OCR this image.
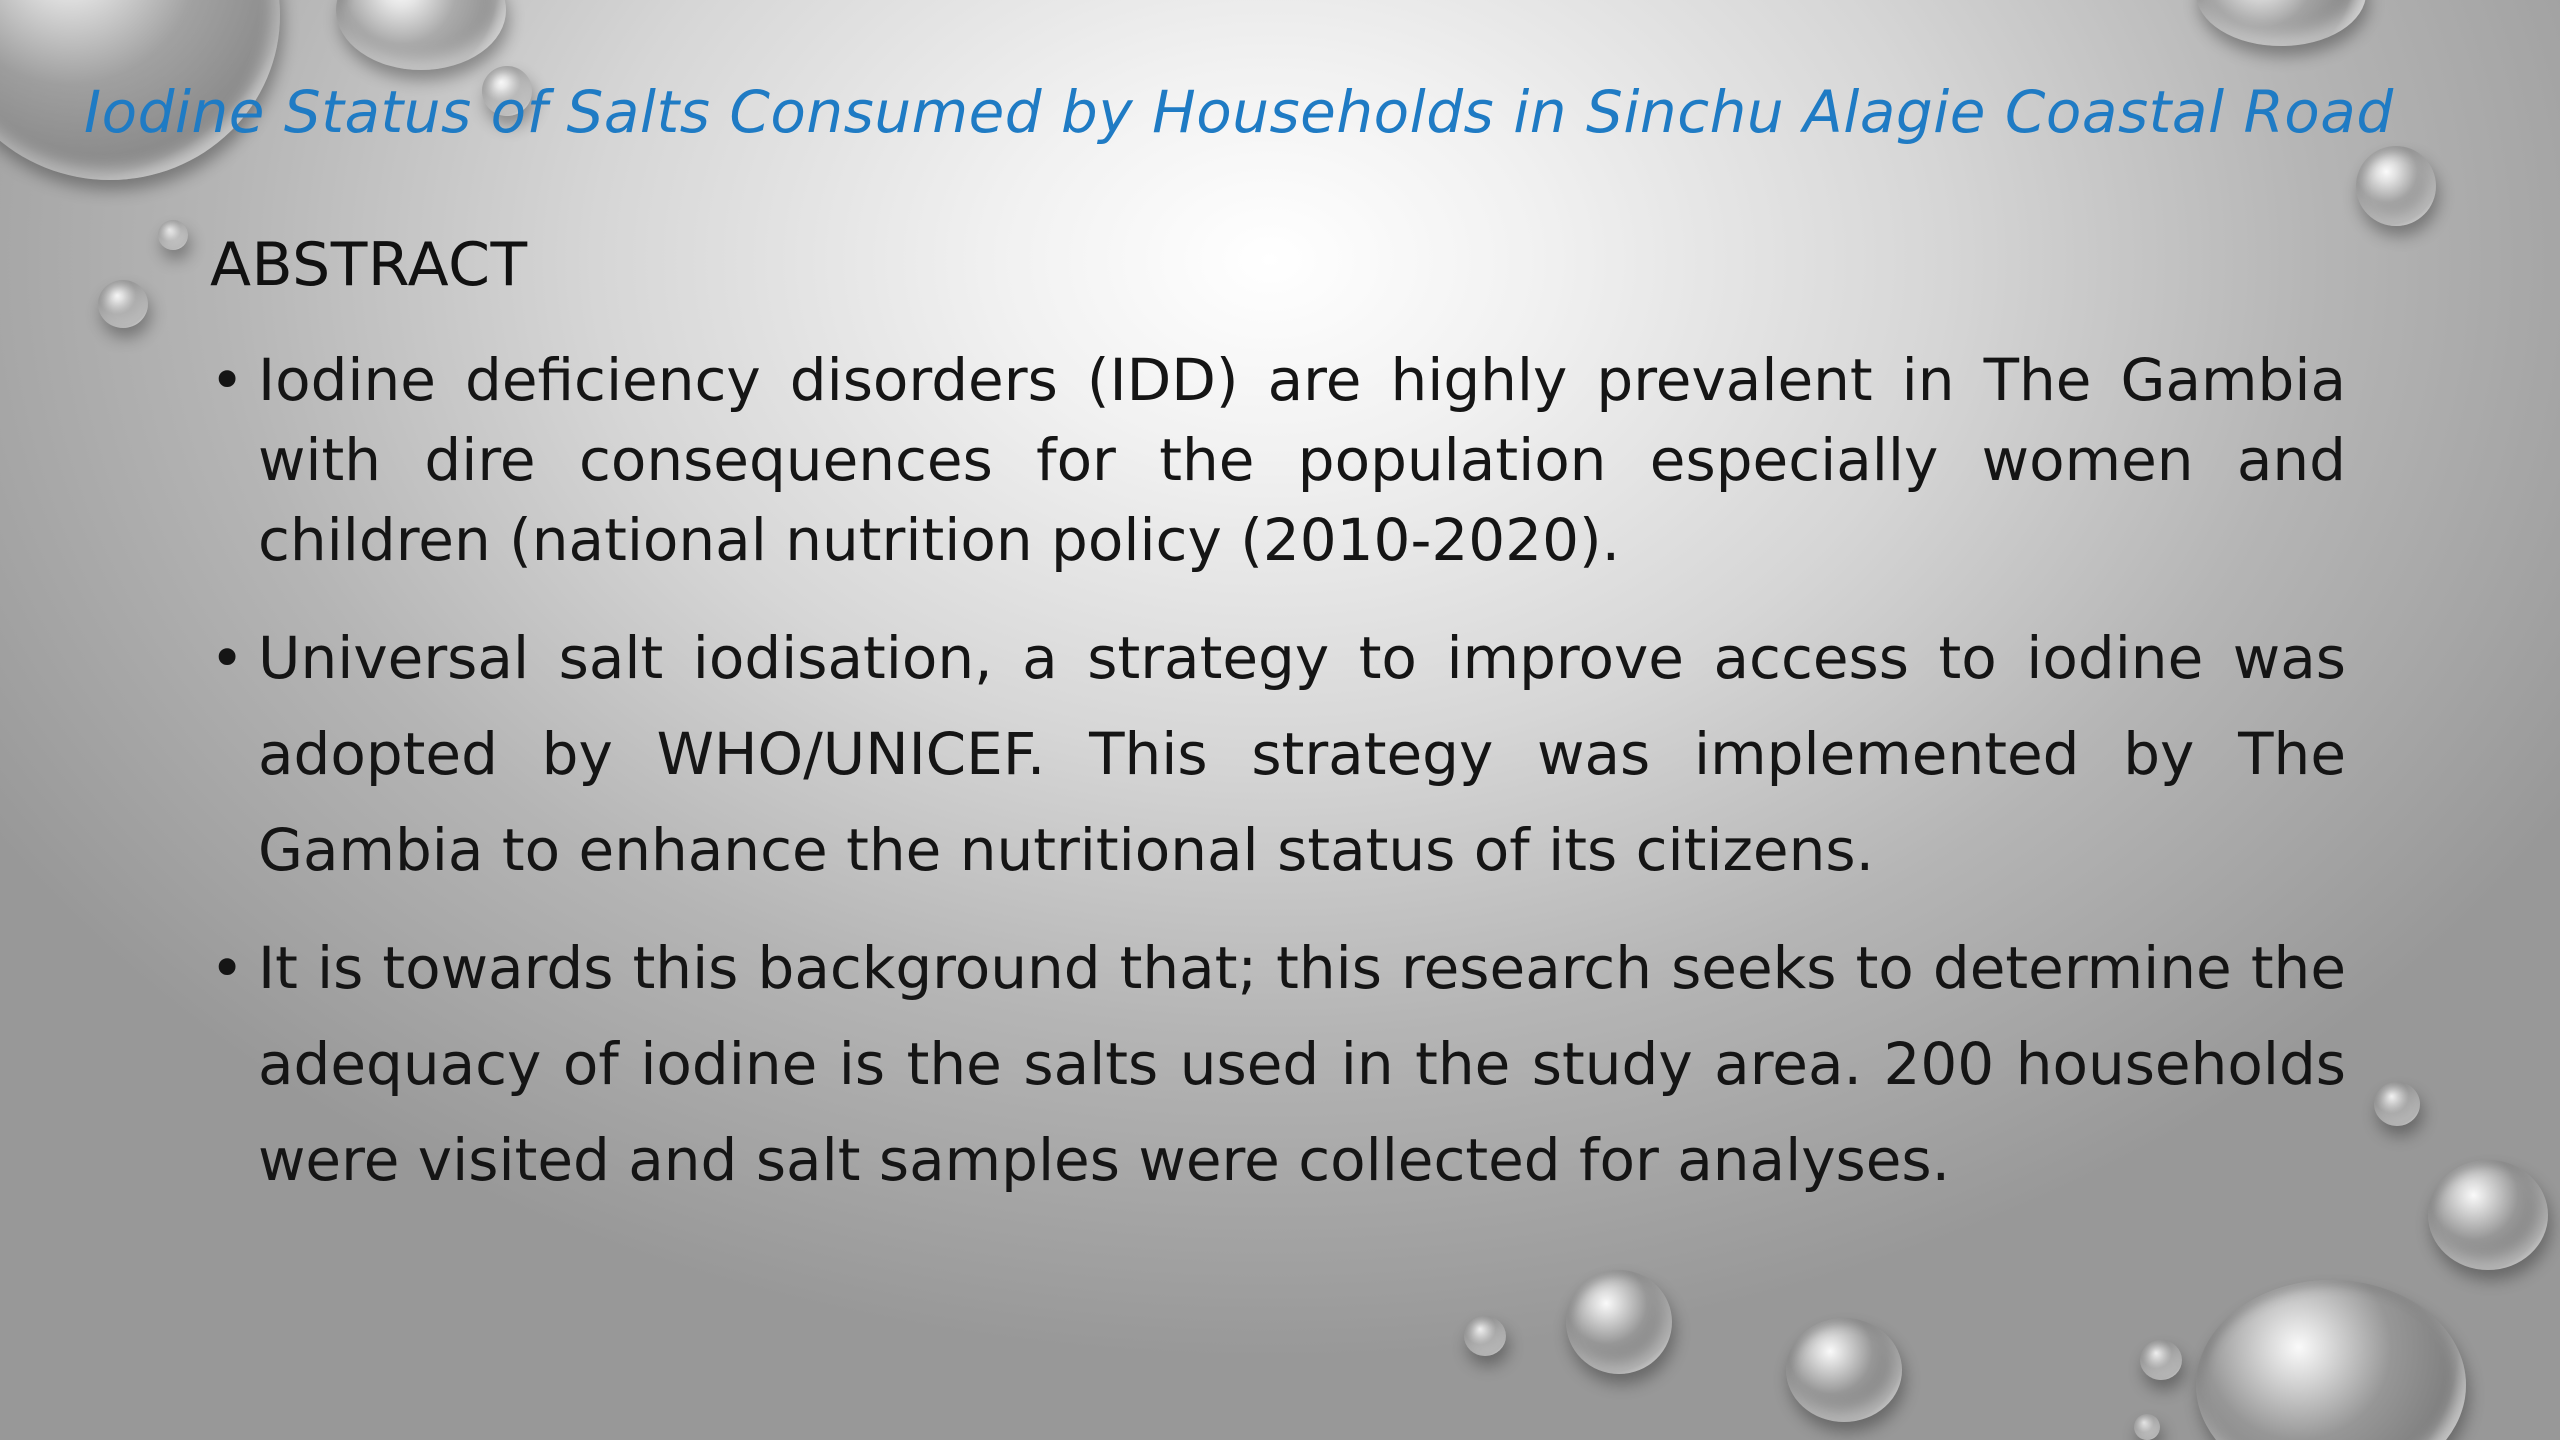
Iodine Status of Salts Consumed by Households in Sinchu Alagie Coastal Road
ABSTRACT
• Iodine deficiency disorders (IDD) are highly prevalent in The Gambia with dire consequences for the population especially women and children (national nutrition policy (2010-2020).
• Universal salt iodisation, a strategy to improve access to iodine was adopted by WHO/UNICEF. This strategy was implemented by The Gambia to enhance the nutritional status of its citizens.
• It is towards this background that; this research seeks to determine the adequacy of iodine is the salts used in the study area. 200 households were visited and salt samples were collected for analyses.
